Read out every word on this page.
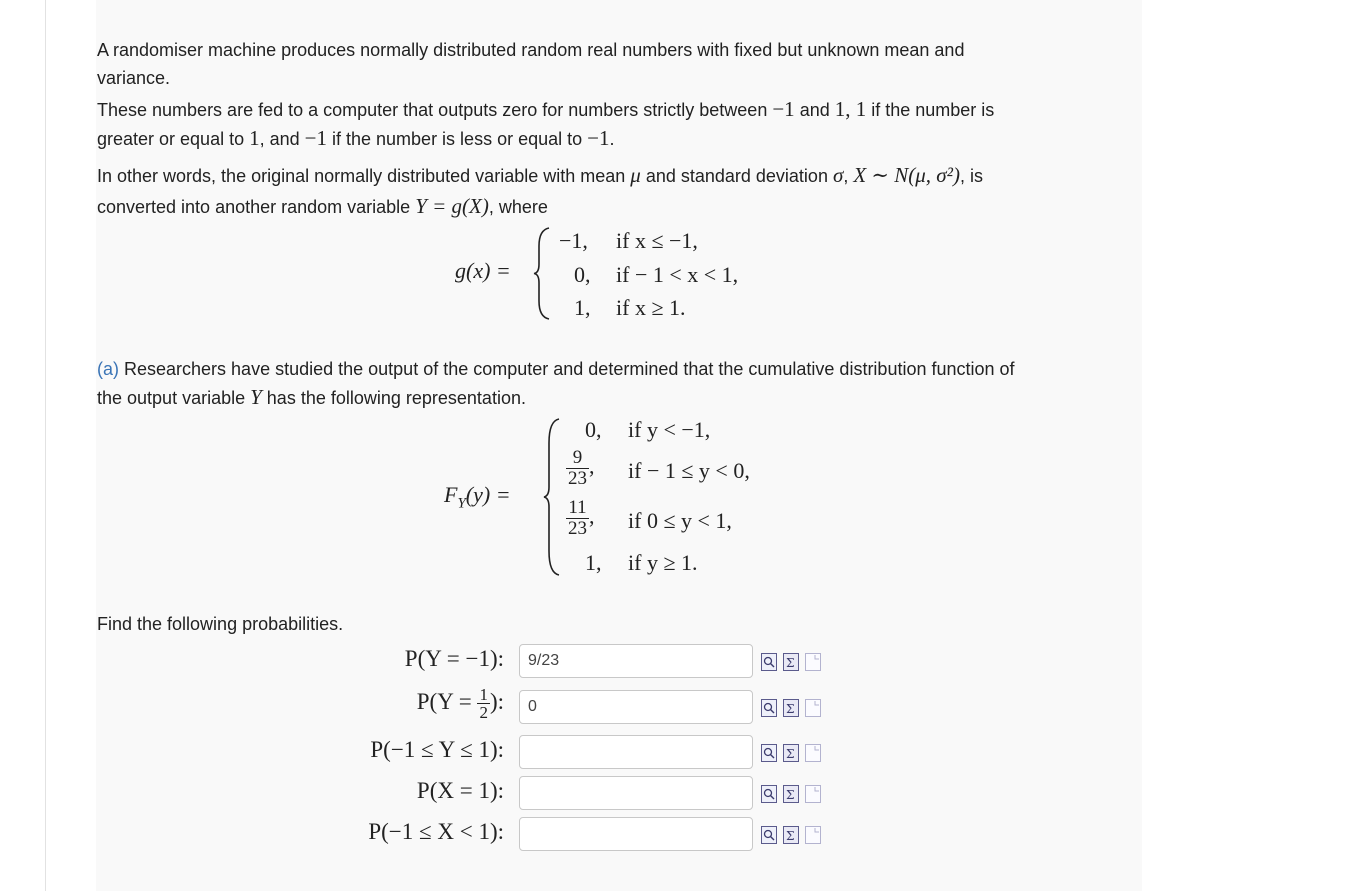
A randomiser machine produces normally distributed random real numbers with fixed but unknown mean and
variance.
These numbers are fed to a computer that outputs zero for numbers strictly between −1 and 1, 1 if the number is
greater or equal to 1, and −1 if the number is less or equal to −1.
In other words, the original normally distributed variable with mean μ and standard deviation σ, X ∼ N(μ, σ²), is
converted into another random variable Y = g(X), where
g(x) =
−1, if x ≤ −1,
0, if − 1 < x < 1,
1, if x ≥ 1.
(a) Researchers have studied the output of the computer and determined that the cumulative distribution function of
the output variable Y has the following representation.
$F_Y(y)$ =
0, if y < −1,
$\frac{9}{23}$ , if − 1 ≤ y < 0,
$\frac{11}{23}$ , if 0 ≤ y < 1,
1, if y ≥ 1.
Find the following probabilities.
P(Y = −1):	9/23
$P(Y = \frac{1}{2}$ ):	0
P(−1 ≤ Y ≤ 1):
P(X = 1):
P(−1 ≤ X < 1):
Σ
Σ
Σ
Σ
Σ
